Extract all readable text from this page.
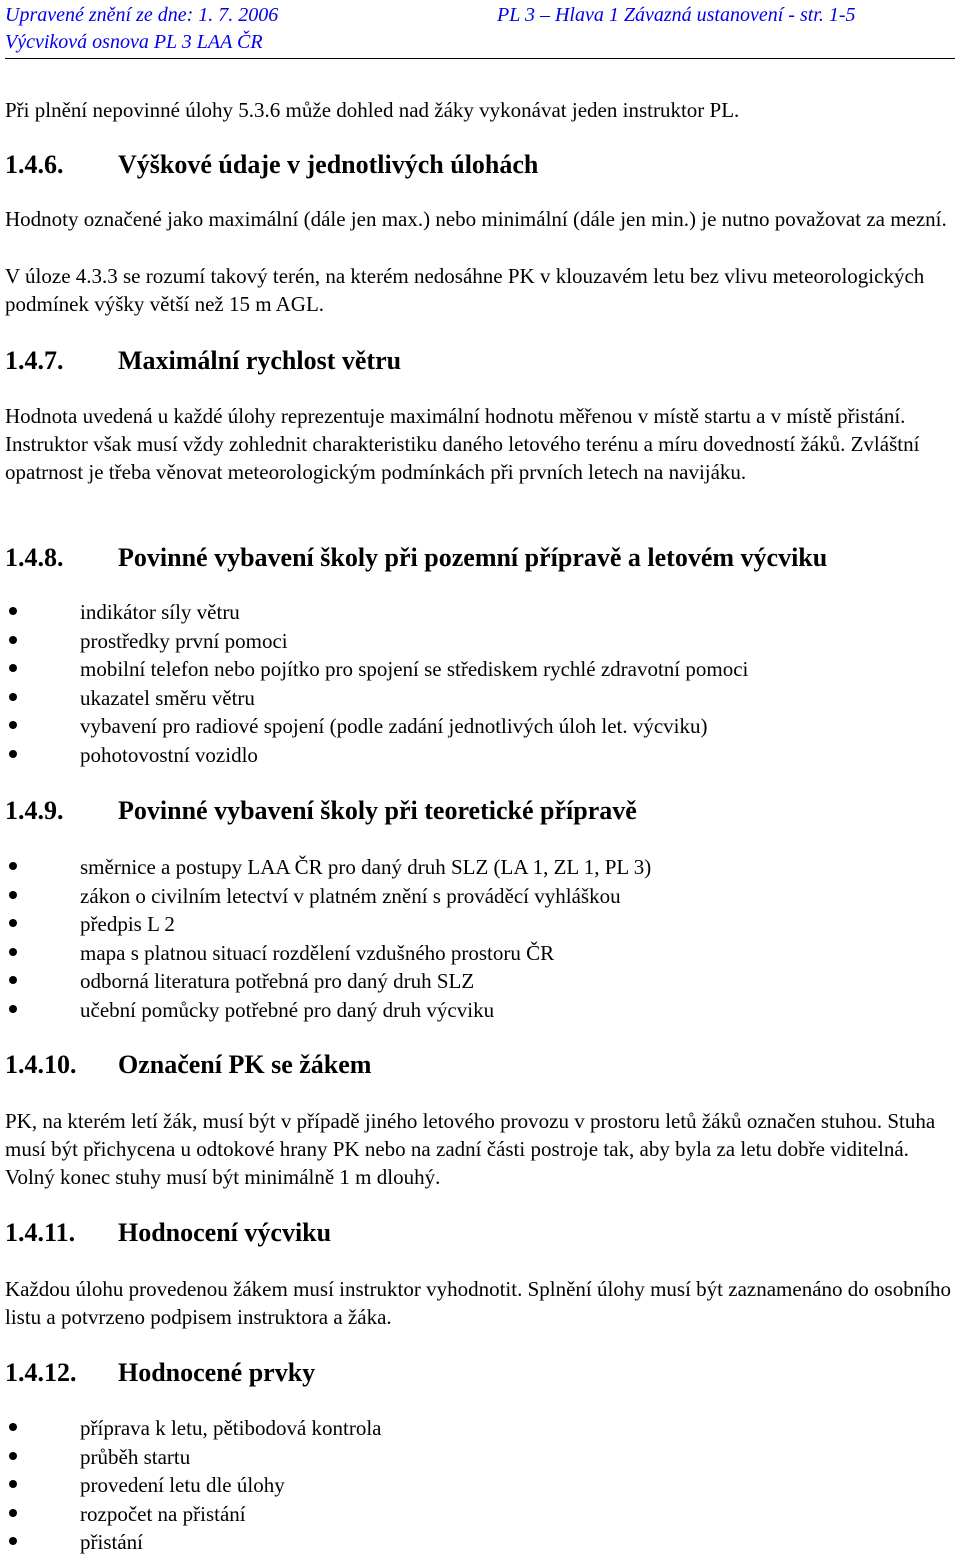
Upravené znění ze dne: 1. 7. 2006	PL 3 – Hlava 1 Závazná ustanovení - str. 1-5
Výcviková osnova PL 3 LAA ČR

Při plnění nepovinné úlohy 5.3.6 může dohled nad žáky vykonávat jeden instruktor PL.

1.4.6. Výškové údaje v jednotlivých úlohách

Hodnoty označené jako maximální (dále jen max.) nebo minimální (dále jen min.) je nutno považovat za mezní.

V úloze 4.3.3 se rozumí takový terén, na kterém nedosáhne PK v klouzavém letu bez vlivu meteorologických podmínek výšky větší než 15 m AGL.

1.4.7. Maximální rychlost větru

Hodnota uvedená u každé úlohy reprezentuje maximální hodnotu měřenou v místě startu a v místě přistání. Instruktor však musí vždy zohlednit charakteristiku daného letového terénu a míru dovedností žáků. Zvláštní opatrnost je třeba věnovat meteorologickým podmínkách při prvních letech na navijáku.

1.4.8. Povinné vybavení školy při pozemní přípravě a letovém výcviku
indikátor síly větru
prostředky první pomoci
mobilní telefon nebo pojítko pro spojení se střediskem rychlé zdravotní pomoci
ukazatel směru větru
vybavení pro radiové spojení (podle zadání jednotlivých úloh let. výcviku)
pohotovostní vozidlo
1.4.9. Povinné vybavení školy při teoretické přípravě
směrnice a postupy LAA ČR pro daný druh SLZ (LA 1, ZL 1, PL 3)
zákon o civilním letectví v platném znění s prováděcí vyhláškou
předpis L 2
mapa s platnou situací rozdělení vzdušného prostoru ČR
odborná literatura potřebná pro daný druh SLZ
učební pomůcky potřebné pro daný druh výcviku
1.4.10. Označení PK se žákem

PK, na kterém letí žák, musí být v případě jiného letového provozu v prostoru letů žáků označen stuhou. Stuha musí být přichycena u odtokové hrany PK nebo na zadní části postroje tak, aby byla za letu dobře viditelná. Volný konec stuhy musí být minimálně 1 m dlouhý.

1.4.11. Hodnocení výcviku

Každou úlohu provedenou žákem musí instruktor vyhodnotit. Splnění úlohy musí být zaznamenáno do osobního listu a potvrzeno podpisem instruktora a žáka.

1.4.12. Hodnocené prvky
příprava k letu, pětibodová kontrola
průběh startu
provedení letu dle úlohy
rozpočet na přistání
přistání
